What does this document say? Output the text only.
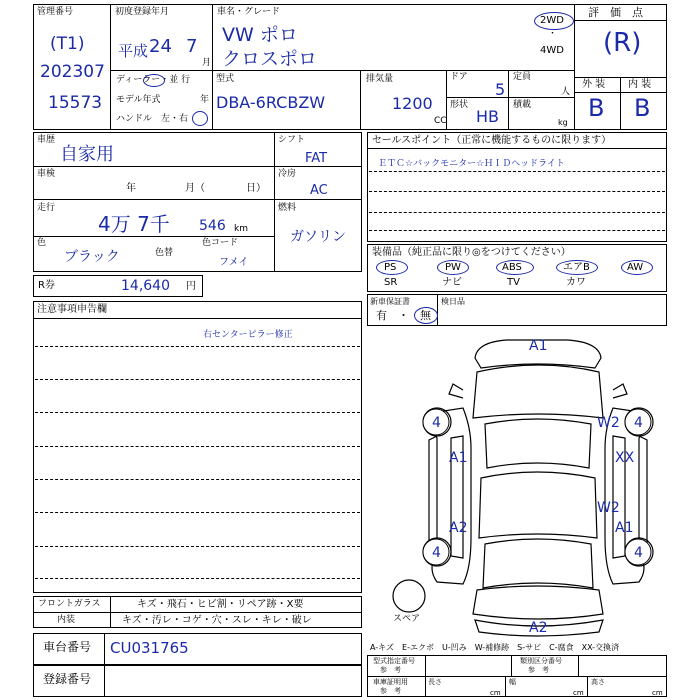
管理番号
(T1)
202307
15573
初度登録年月
平成 24 7
月
車名・グレード
VW ポロ
クロスポロ
2WD
・
4WD
評　価　点
(R)
ディーラー・並 行
モデル年式	年
ハンドル　左・右
型式
DBA-6RCBZW
排気量
1200
CC
ドア
5
形状
HB
定員
人
積載
kg
外 装 内 装
B B
車歴
自家用
車検
年	月（	日）
走行
4万 7千 546 km
色
ブラック	色替
色コード
フメイ
シフト
FAT
冷房
AC
燃料
ガソリン
セールスポイント（正常に機能するものに限ります）
ＥＴＣ☆バックモニター☆ＨＩＤヘッドライト
装備品（純正品に限り◎をつけてください）
PS	PW	ABS	エアB	AW
SR	ナビ	TV	カワ
R券	14,640 円
新車保証書
有　・　無
検日品
注意事項申告欄
右センターピラー修正
A1
4	W2 4
A1	XX
W2
A2	A1
4	4
A2
スペア
フロントガラス	キズ・飛石・ヒビ割・リペア跡・X要
内装	キズ・汚レ・コゲ・穴・スレ・キレ・破レ
車台番号 CU031765
登録番号
A-キズ　E-エクボ　U-凹み　W-補修跡　S-サビ　C-腐食　XX-交換済
型式指定番号
参　考
類別区分番号
参　考
車庫証明用
参　考
長さ
cm
幅
cm
高さ
cm
